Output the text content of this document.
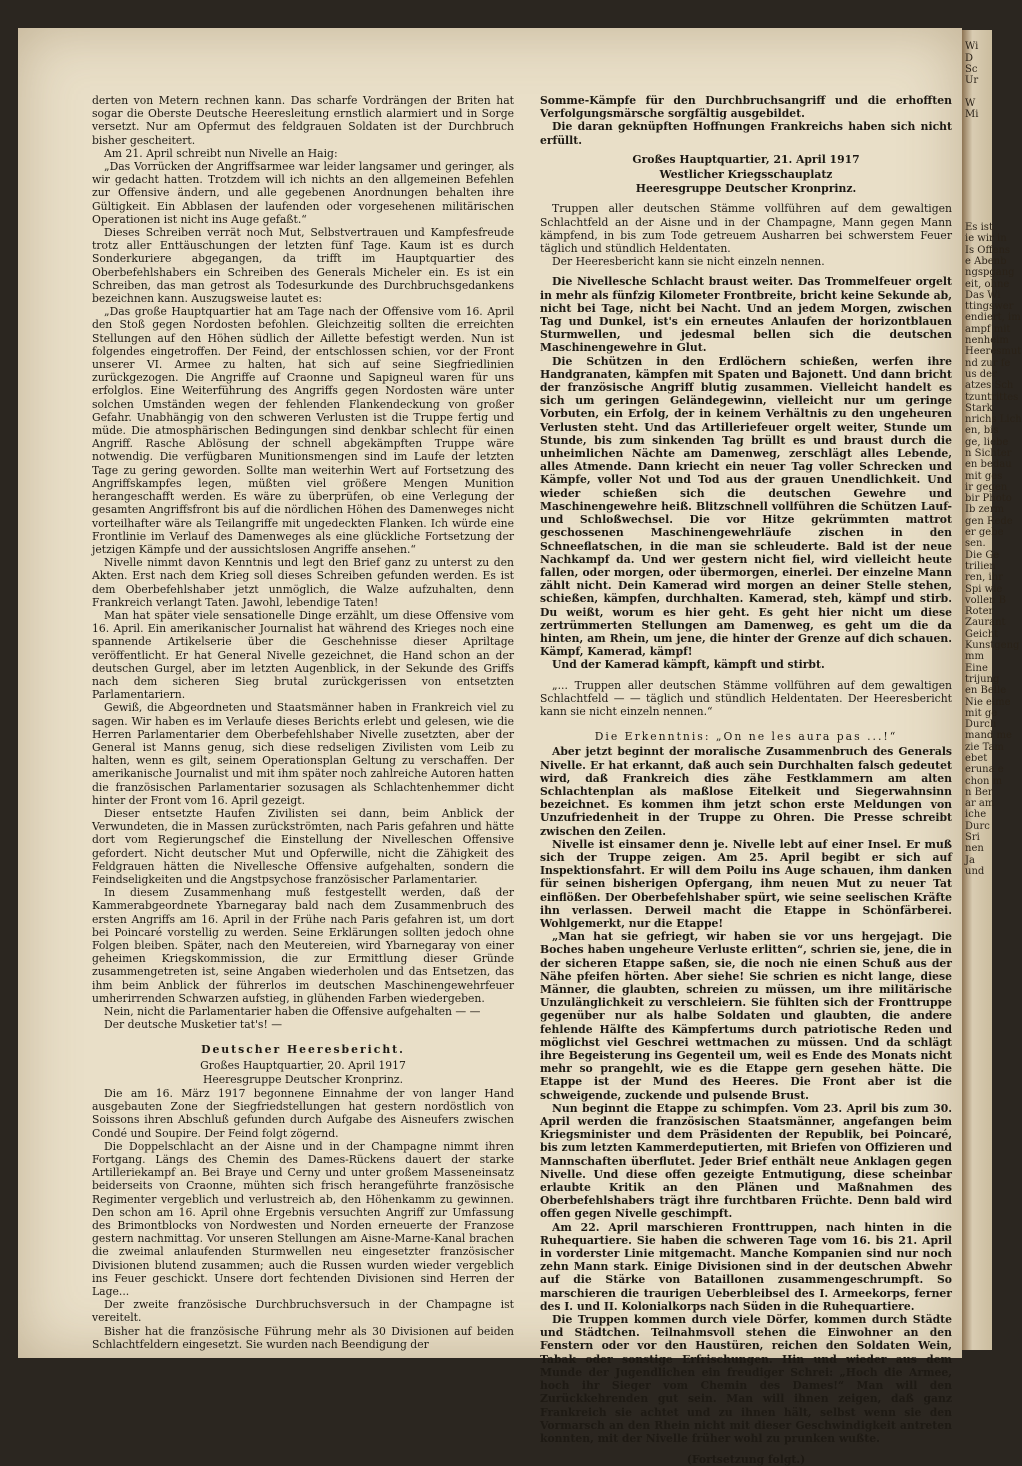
Wi
D
Sc
Ur

W
Mi

Es ist
ie wir in
Is Offens
e Abenb
ngspgang
eit, ohne
Das Wi
ttingswer
endiert, im
ampf mit
nenheim
Heeresmut
nd zur fe
us der
atzes Sch
tzuntrittes
Stark
nrichs Lich
en, bis
ge, liebe
n Sichter
en bedau
mit ges
ir gegen
bir Photo
Ib zerm
gen Rede
er gebe
sen.
Die Ge
trilien
ren, ihr
Spi wie
vollen B
Roter
Zaurant
Geicht
Kunstgeng
mm
Eine
trijung
en Belle
Nie eime
mit ge
Durch
mand me
zie Tam
ebet
eruna e
chon m
n Ber
ar am
iche
Durc
Sri
nen
Ja
und

derten von Metern rechnen kann. Das scharfe Vordrängen der Briten hat sogar die Oberste Deutsche Heeresleitung ernstlich alarmiert und in Sorge versetzt. Nur am Opfermut des feldgrauen Soldaten ist der Durchbruch bisher gescheitert.

Am 21. April schreibt nun Nivelle an Haig:

„Das Vorrücken der Angriffsarmee war leider langsamer und geringer, als wir gedacht hatten. Trotzdem will ich nichts an den allgemeinen Befehlen zur Offensive ändern, und alle gegebenen Anordnungen behalten ihre Gültigkeit. Ein Abblasen der laufenden oder vorgesehenen militärischen Operationen ist nicht ins Auge gefaßt.“

Dieses Schreiben verrät noch Mut, Selbstvertrauen und Kampfesfreude trotz aller Enttäuschungen der letzten fünf Tage. Kaum ist es durch Sonderkuriere abgegangen, da trifft im Hauptquartier des Oberbefehlshabers ein Schreiben des Generals Micheler ein. Es ist ein Schreiben, das man getrost als Todesurkunde des Durchbruchsgedankens bezeichnen kann. Auszugsweise lautet es:

„Das große Hauptquartier hat am Tage nach der Offensive vom 16. April den Stoß gegen Nordosten befohlen. Gleichzeitig sollten die erreichten Stellungen auf den Höhen südlich der Aillette befestigt werden. Nun ist folgendes eingetroffen. Der Feind, der entschlossen schien, vor der Front unserer VI. Armee zu halten, hat sich auf seine Siegfriedlinien zurückgezogen. Die Angriffe auf Craonne und Sapigneul waren für uns erfolglos. Eine Weiterführung des Angriffs gegen Nordosten wäre unter solchen Umständen wegen der fehlenden Flankendeckung von großer Gefahr. Unabhängig von den schweren Verlusten ist die Truppe fertig und müde. Die atmosphärischen Bedingungen sind denkbar schlecht für einen Angriff. Rasche Ablösung der schnell abgekämpften Truppe wäre notwendig. Die verfügbaren Munitionsmengen sind im Laufe der letzten Tage zu gering geworden. Sollte man weiterhin Wert auf Fortsetzung des Angriffskampfes legen, müßten viel größere Mengen Munition herangeschafft werden. Es wäre zu überprüfen, ob eine Verlegung der gesamten Angriffsfront bis auf die nördlichen Höhen des Damenweges nicht vorteilhafter wäre als Teilangriffe mit ungedeckten Flanken. Ich würde eine Frontlinie im Verlauf des Damenweges als eine glückliche Fortsetzung der jetzigen Kämpfe und der aussichtslosen Angriffe ansehen.“

Nivelle nimmt davon Kenntnis und legt den Brief ganz zu unterst zu den Akten. Erst nach dem Krieg soll dieses Schreiben gefunden werden. Es ist dem Oberbefehlshaber jetzt unmöglich, die Walze aufzuhalten, denn Frankreich verlangt Taten. Jawohl, lebendige Taten!

Man hat später viele sensationelle Dinge erzählt, um diese Offensive vom 16. April. Ein amerikanischer Journalist hat während des Krieges noch eine spannende Artikelserie über die Geschehnisse dieser Apriltage veröffentlicht. Er hat General Nivelle gezeichnet, die Hand schon an der deutschen Gurgel, aber im letzten Augenblick, in der Sekunde des Griffs nach dem sicheren Sieg brutal zurückgerissen von entsetzten Parlamentariern.

Gewiß, die Abgeordneten und Staatsmänner haben in Frankreich viel zu sagen. Wir haben es im Verlaufe dieses Berichts erlebt und gelesen, wie die Herren Parlamentarier dem Oberbefehlshaber Nivelle zusetzten, aber der General ist Manns genug, sich diese redseligen Zivilisten vom Leib zu halten, wenn es gilt, seinem Operationsplan Geltung zu verschaffen. Der amerikanische Journalist und mit ihm später noch zahlreiche Autoren hatten die französischen Parlamentarier sozusagen als Schlachtenhemmer dicht hinter der Front vom 16. April gezeigt.

Dieser entsetzte Haufen Zivilisten sei dann, beim Anblick der Verwundeten, die in Massen zurückströmten, nach Paris gefahren und hätte dort vom Regierungschef die Einstellung der Nivelleschen Offensive gefordert. Nicht deutscher Mut und Opferwille, nicht die Zähigkeit des Feldgrauen hätten die Nivellesche Offensive aufgehalten, sondern die Feindseligkeiten und die Angstpsychose französischer Parlamentarier.

In diesem Zusammenhang muß festgestellt werden, daß der Kammerabgeordnete Ybarnegaray bald nach dem Zusammenbruch des ersten Angriffs am 16. April in der Frühe nach Paris gefahren ist, um dort bei Poincaré vorstellig zu werden. Seine Erklärungen sollten jedoch ohne Folgen bleiben. Später, nach den Meutereien, wird Ybarnegaray von einer geheimen Kriegskommission, die zur Ermittlung dieser Gründe zusammengetreten ist, seine Angaben wiederholen und das Entsetzen, das ihm beim Anblick der führerlos im deutschen Maschinengewehrfeuer umherirrenden Schwarzen aufstieg, in glühenden Farben wiedergeben.

Nein, nicht die Parlamentarier haben die Offensive aufgehalten — —

Der deutsche Musketier tat's! —

Deutscher Heeresbericht.
Großes Hauptquartier, 20. April 1917
Heeresgruppe Deutscher Kronprinz.

Die am 16. März 1917 begonnene Einnahme der von langer Hand ausgebauten Zone der Siegfriedstellungen hat gestern nordöstlich von Soissons ihren Abschluß gefunden durch Aufgabe des Aisneufers zwischen Condé und Soupire. Der Feind folgt zögernd.

Die Doppelschlacht an der Aisne und in der Champagne nimmt ihren Fortgang. Längs des Chemin des Dames-Rückens dauert der starke Artilleriekampf an. Bei Braye und Cerny und unter großem Masseneinsatz beiderseits von Craonne, mühten sich frisch herangeführte französische Regimenter vergeblich und verlustreich ab, den Höhenkamm zu gewinnen. Den schon am 16. April ohne Ergebnis versuchten Angriff zur Umfassung des Brimontblocks von Nordwesten und Norden erneuerte der Franzose gestern nachmittag. Vor unseren Stellungen am Aisne-Marne-Kanal brachen die zweimal anlaufenden Sturmwellen neu eingesetzter französischer Divisionen blutend zusammen; auch die Russen wurden wieder vergeblich ins Feuer geschickt. Unsere dort fechtenden Divisionen sind Herren der Lage...

Der zweite französische Durchbruchsversuch in der Champagne ist vereitelt.

Bisher hat die französische Führung mehr als 30 Divisionen auf beiden Schlachtfeldern eingesetzt. Sie wurden nach Beendigung der

Somme-Kämpfe für den Durchbruchsangriff und die erhofften Verfolgungsmärsche sorgfältig ausgebildet.

Die daran geknüpften Hoffnungen Frankreichs haben sich nicht erfüllt.

Großes Hauptquartier, 21. April 1917
Westlicher Kriegsschauplatz
Heeresgruppe Deutscher Kronprinz.

Truppen aller deutschen Stämme vollführen auf dem gewaltigen Schlachtfeld an der Aisne und in der Champagne, Mann gegen Mann kämpfend, in bis zum Tode getreuem Ausharren bei schwerstem Feuer täglich und stündlich Heldentaten.

Der Heeresbericht kann sie nicht einzeln nennen.

Die Nivellesche Schlacht braust weiter. Das Trommelfeuer orgelt in mehr als fünfzig Kilometer Frontbreite, bricht keine Sekunde ab, nicht bei Tage, nicht bei Nacht. Und an jedem Morgen, zwischen Tag und Dunkel, ist's ein erneutes Anlaufen der horizontblauen Sturmwellen, und jedesmal bellen sich die deutschen Maschinengewehre in Glut.

Die Schützen in den Erdlöchern schießen, werfen ihre Handgranaten, kämpfen mit Spaten und Bajonett. Und dann bricht der französische Angriff blutig zusammen. Vielleicht handelt es sich um geringen Geländegewinn, vielleicht nur um geringe Vorbuten, ein Erfolg, der in keinem Verhältnis zu den ungeheuren Verlusten steht. Und das Artilleriefeuer orgelt weiter, Stunde um Stunde, bis zum sinkenden Tag brüllt es und braust durch die unheimlichen Nächte am Damenweg, zerschlägt alles Lebende, alles Atmende. Dann kriecht ein neuer Tag voller Schrecken und Kämpfe, voller Not und Tod aus der grauen Unendlichkeit. Und wieder schießen sich die deutschen Gewehre und Maschinengewehre heiß. Blitzschnell vollführen die Schützen Lauf- und Schloßwechsel. Die vor Hitze gekrümmten mattrot geschossenen Maschinengewehrläufe zischen in den Schneeflatschen, in die man sie schleuderte. Bald ist der neue Nachkampf da. Und wer gestern nicht fiel, wird vielleicht heute fallen, oder morgen, oder übermorgen, einerlei. Der einzelne Mann zählt nicht. Dein Kamerad wird morgen an deiner Stelle stehen, schießen, kämpfen, durchhalten. Kamerad, steh, kämpf und stirb. Du weißt, worum es hier geht. Es geht hier nicht um diese zertrümmerten Stellungen am Damenweg, es geht um die da hinten, am Rhein, um jene, die hinter der Grenze auf dich schauen. Kämpf, Kamerad, kämpf!

Und der Kamerad kämpft, kämpft und stirbt.

„... Truppen aller deutschen Stämme vollführen auf dem gewaltigen Schlachtfeld — — täglich und stündlich Heldentaten. Der Heeresbericht kann sie nicht einzeln nennen.“

Die Erkenntnis: „On ne les aura pas ...!“

Aber jetzt beginnt der moralische Zusammenbruch des Generals Nivelle. Er hat erkannt, daß auch sein Durchhalten falsch gedeutet wird, daß Frankreich dies zähe Festklammern am alten Schlachtenplan als maßlose Eitelkeit und Siegerwahnsinn bezeichnet. Es kommen ihm jetzt schon erste Meldungen von Unzufriedenheit in der Truppe zu Ohren. Die Presse schreibt zwischen den Zeilen.

Nivelle ist einsamer denn je. Nivelle lebt auf einer Insel. Er muß sich der Truppe zeigen. Am 25. April begibt er sich auf Inspektionsfahrt. Er will dem Poilu ins Auge schauen, ihm danken für seinen bisherigen Opfergang, ihm neuen Mut zu neuer Tat einflößen. Der Oberbefehlshaber spürt, wie seine seelischen Kräfte ihn verlassen. Derweil macht die Etappe in Schönfärberei. Wohlgemerkt, nur die Etappe!

„Man hat sie gefriegt, wir haben sie vor uns hergejagt. Die Boches haben ungeheure Verluste erlitten“, schrien sie, jene, die in der sicheren Etappe saßen, sie, die noch nie einen Schuß aus der Nähe pfeifen hörten. Aber siehe! Sie schrien es nicht lange, diese Männer, die glaubten, schreien zu müssen, um ihre militärische Unzulänglichkeit zu verschleiern. Sie fühlten sich der Fronttruppe gegenüber nur als halbe Soldaten und glaubten, die andere fehlende Hälfte des Kämpfertums durch patriotische Reden und möglichst viel Geschrei wettmachen zu müssen. Und da schlägt ihre Begeisterung ins Gegenteil um, weil es Ende des Monats nicht mehr so prangehlt, wie es die Etappe gern gesehen hätte. Die Etappe ist der Mund des Heeres. Die Front aber ist die schweigende, zuckende und pulsende Brust.

Nun beginnt die Etappe zu schimpfen. Vom 23. April bis zum 30. April werden die französischen Staatsmänner, angefangen beim Kriegsminister und dem Präsidenten der Republik, bei Poincaré, bis zum letzten Kammerdeputierten, mit Briefen von Offizieren und Mannschaften überflutet. Jeder Brief enthält neue Anklagen gegen Nivelle. Und diese offen gezeigte Entmutigung, diese scheinbar erlaubte Kritik an den Plänen und Maßnahmen des Oberbefehlshabers trägt ihre furchtbaren Früchte. Denn bald wird offen gegen Nivelle geschimpft.

Am 22. April marschieren Fronttruppen, nach hinten in die Ruhequartiere. Sie haben die schweren Tage vom 16. bis 21. April in vorderster Linie mitgemacht. Manche Kompanien sind nur noch zehn Mann stark. Einige Divisionen sind in der deutschen Abwehr auf die Stärke von Bataillonen zusammengeschrumpft. So marschieren die traurigen Ueberbleibsel des I. Armeekorps, ferner des I. und II. Kolonialkorps nach Süden in die Ruhequartiere.

Die Truppen kommen durch viele Dörfer, kommen durch Städte und Städtchen. Teilnahmsvoll stehen die Einwohner an den Fenstern oder vor den Haustüren, reichen den Soldaten Wein, Tabak oder sonstige Erfrischungen. Hin und wieder aus dem Munde der Jugendlichen ein freudiger Schrei: „Hoch die Armee, hoch ihr Sieger vom Chemin des Dames!“ Man will den Zurückkehrenden gut sein. Man will ihnen zeigen, daß ganz Frankreich sie achtet und zu ihnen hält, selbst wenn sie den Vormarsch an den Rhein nicht mit dieser Geschwindigkeit antreten konnten, mit der Nivelle früher wohl zu prunken wußte.

(Fortsetzung folgt.)
